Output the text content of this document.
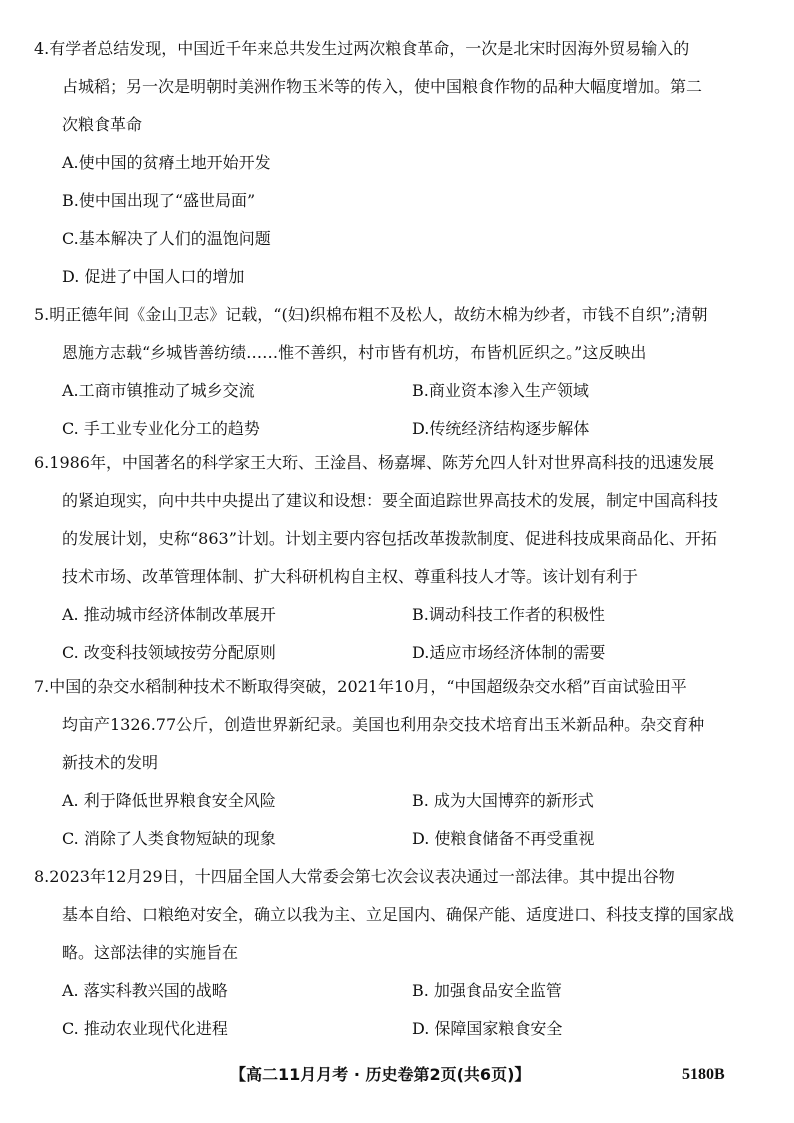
4.有学者总结发现，中国近千年来总共发生过两次粮食革命，一次是北宋时因海外贸易输入的
占城稻；另一次是明朝时美洲作物玉米等的传入，使中国粮食作物的品种大幅度增加。第二
次粮食革命
A.使中国的贫瘠土地开始开发
B.使中国出现了“盛世局面”
C.基本解决了人们的温饱问题
D. 促进了中国人口的增加
5.明正德年间《金山卫志》记载，“(妇)织棉布粗不及松人，故纺木棉为纱者，市钱不自织”;清朝
恩施方志载“乡城皆善纺绩……惟不善织，村市皆有机坊，布皆机匠织之。”这反映出
A.工商市镇推动了城乡交流	B.商业资本渗入生产领域
C. 手工业专业化分工的趋势	D.传统经济结构逐步解体
6.1986年，中国著名的科学家王大珩、王淦昌、杨嘉墀、陈芳允四人针对世界高科技的迅速发展
的紧迫现实，向中共中央提出了建议和设想：要全面追踪世界高技术的发展，制定中国高科技
的发展计划，史称“863”计划。计划主要内容包括改革拨款制度、促进科技成果商品化、开拓
技术市场、改革管理体制、扩大科研机构自主权、尊重科技人才等。该计划有利于
A. 推动城市经济体制改革展开	B.调动科技工作者的积极性
C. 改变科技领域按劳分配原则	D.适应市场经济体制的需要
7.中国的杂交水稻制种技术不断取得突破，2021年10月，“中国超级杂交水稻”百亩试验田平
均亩产1326.77公斤，创造世界新纪录。美国也利用杂交技术培育出玉米新品种。杂交育种
新技术的发明
A. 利于降低世界粮食安全风险	B. 成为大国博弈的新形式
C. 消除了人类食物短缺的现象	D. 使粮食储备不再受重视
8.2023年12月29日，十四届全国人大常委会第七次会议表决通过一部法律。其中提出谷物
基本自给、口粮绝对安全，确立以我为主、立足国内、确保产能、适度进口、科技支撑的国家战
略。这部法律的实施旨在
A. 落实科教兴国的战略	B. 加强食品安全监管
C. 推动农业现代化进程	D. 保障国家粮食安全
【高二11月月考 · 历史卷第2页(共6页)】	5180B
